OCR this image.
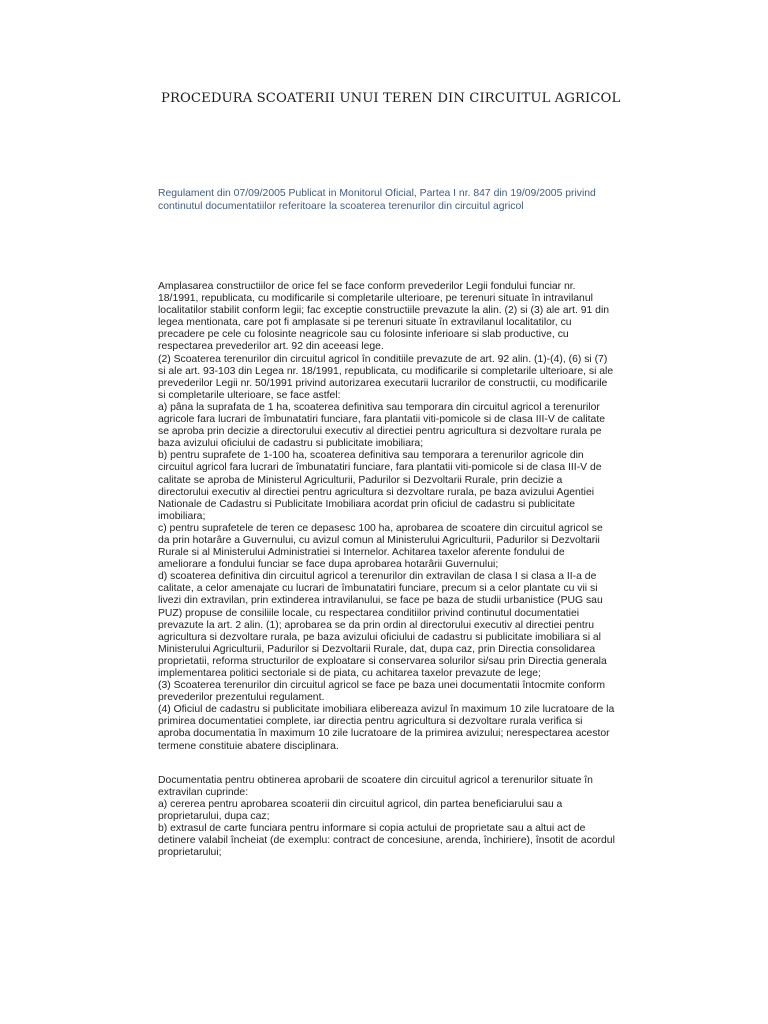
PROCEDURA SCOATERII UNUI TEREN DIN CIRCUITUL AGRICOL
Regulament din 07/09/2005 Publicat in Monitorul Oficial, Partea I nr. 847 din 19/09/2005 privind
continutul documentatiilor referitoare la scoaterea terenurilor din circuitul agricol
Amplasarea constructiilor de orice fel se face conform prevederilor Legii fondului funciar nr.
18/1991, republicata, cu modificarile si completarile ulterioare, pe terenuri situate în intravilanul
localitatilor stabilit conform legii; fac exceptie constructiile prevazute la alin. (2) si (3) ale art. 91 din
legea mentionata, care pot fi amplasate si pe terenuri situate în extravilanul localitatilor, cu
precadere pe cele cu folosinte neagricole sau cu folosinte inferioare si slab productive, cu
respectarea prevederilor art. 92 din aceeasi lege.
(2) Scoaterea terenurilor din circuitul agricol în conditiile prevazute de art. 92 alin. (1)-(4), (6) si (7)
si ale art. 93-103 din Legea nr. 18/1991, republicata, cu modificarile si completarile ulterioare, si ale
prevederilor Legii nr. 50/1991 privind autorizarea executarii lucrarilor de constructii, cu modificarile
si completarile ulterioare, se face astfel:
a) pâna la suprafata de 1 ha, scoaterea definitiva sau temporara din circuitul agricol a terenurilor
agricole fara lucrari de îmbunatatiri funciare, fara plantatii viti-pomicole si de clasa III-V de calitate
se aproba prin decizie a directorului executiv al directiei pentru agricultura si dezvoltare rurala pe
baza avizului oficiului de cadastru si publicitate imobiliara;
b) pentru suprafete de 1-100 ha, scoaterea definitiva sau temporara a terenurilor agricole din
circuitul agricol fara lucrari de îmbunatatiri funciare, fara plantatii viti-pomicole si de clasa III-V de
calitate se aproba de Ministerul Agriculturii, Padurilor si Dezvoltarii Rurale, prin decizie a
directorului executiv al directiei pentru agricultura si dezvoltare rurala, pe baza avizului Agentiei
Nationale de Cadastru si Publicitate Imobiliara acordat prin oficiul de cadastru si publicitate
imobiliara;
c) pentru suprafetele de teren ce depasesc 100 ha, aprobarea de scoatere din circuitul agricol se
da prin hotarâre a Guvernului, cu avizul comun al Ministerului Agriculturii, Padurilor si Dezvoltarii
Rurale si al Ministerului Administratiei si Internelor. Achitarea taxelor aferente fondului de
ameliorare a fondului funciar se face dupa aprobarea hotarârii Guvernului;
d) scoaterea definitiva din circuitul agricol a terenurilor din extravilan de clasa I si clasa a II-a de
calitate, a celor amenajate cu lucrari de îmbunatatiri funciare, precum si a celor plantate cu vii si
livezi din extravilan, prin extinderea intravilanului, se face pe baza de studii urbanistice (PUG sau
PUZ) propuse de consiliile locale, cu respectarea conditiilor privind continutul documentatiei
prevazute la art. 2 alin. (1); aprobarea se da prin ordin al directorului executiv al directiei pentru
agricultura si dezvoltare rurala, pe baza avizului oficiului de cadastru si publicitate imobiliara si al
Ministerului Agriculturii, Padurilor si Dezvoltarii Rurale, dat, dupa caz, prin Directia consolidarea
proprietatii, reforma structurilor de exploatare si conservarea solurilor si/sau prin Directia generala
implementarea politici sectoriale si de piata, cu achitarea taxelor prevazute de lege;
(3) Scoaterea terenurilor din circuitul agricol se face pe baza unei documentatii întocmite conform
prevederilor prezentului regulament.
(4) Oficiul de cadastru si publicitate imobiliara elibereaza avizul în maximum 10 zile lucratoare de la
primirea documentatiei complete, iar directia pentru agricultura si dezvoltare rurala verifica si
aproba documentatia în maximum 10 zile lucratoare de la primirea avizului; nerespectarea acestor
termene constituie abatere disciplinara.
Documentatia pentru obtinerea aprobarii de scoatere din circuitul agricol a terenurilor situate în
extravilan cuprinde:
a) cererea pentru aprobarea scoaterii din circuitul agricol, din partea beneficiarului sau a
proprietarului, dupa caz;
b) extrasul de carte funciara pentru informare si copia actului de proprietate sau a altui act de
detinere valabil încheiat (de exemplu: contract de concesiune, arenda, închiriere), însotit de acordul
proprietarului;
